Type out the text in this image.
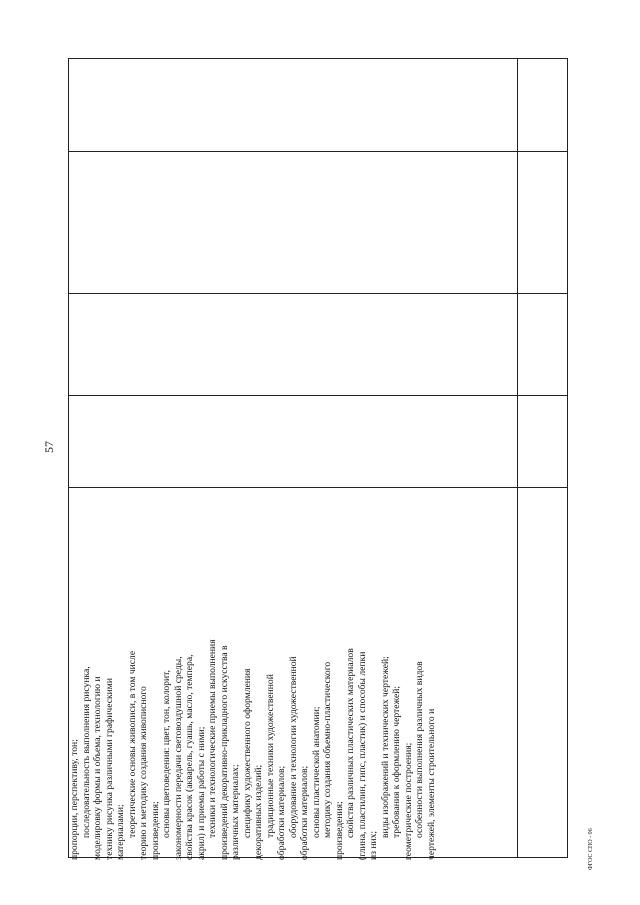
57
пропорции, перспективу, тон; последовательность выполнения рисунка, моделировку формы и объема, технологию и технику рисунка различными графическими материалами; теоретические основы живописи, в том числе теорию и методику создания живописного произведения; основы цветоведения: цвет, тон, колорит, закономерности передачи световоздушной среды, свойства красок (акварель, гуашь, масло, темпера, акрил) и приемы работы с ними; техники и технологические приемы выполнения произведений декоративно-прикладного искусства в различных материалах; специфику художественного оформления декоративных изделий; традиционные техники художественной обработки материалов; оборудование и технологии художественной обработки материалов; основы пластической анатомии; методику создания объемно-пластического произведения; свойства различных пластических материалов (глина, пластилин, гипс, пластик) и способы лепки из них;
виды изображений и технических чертежей; требования к оформлению чертежей; геометрические построения; особенности выполнения различных видов чертежей, элементы строительного и	ФГОС СПО - 06
